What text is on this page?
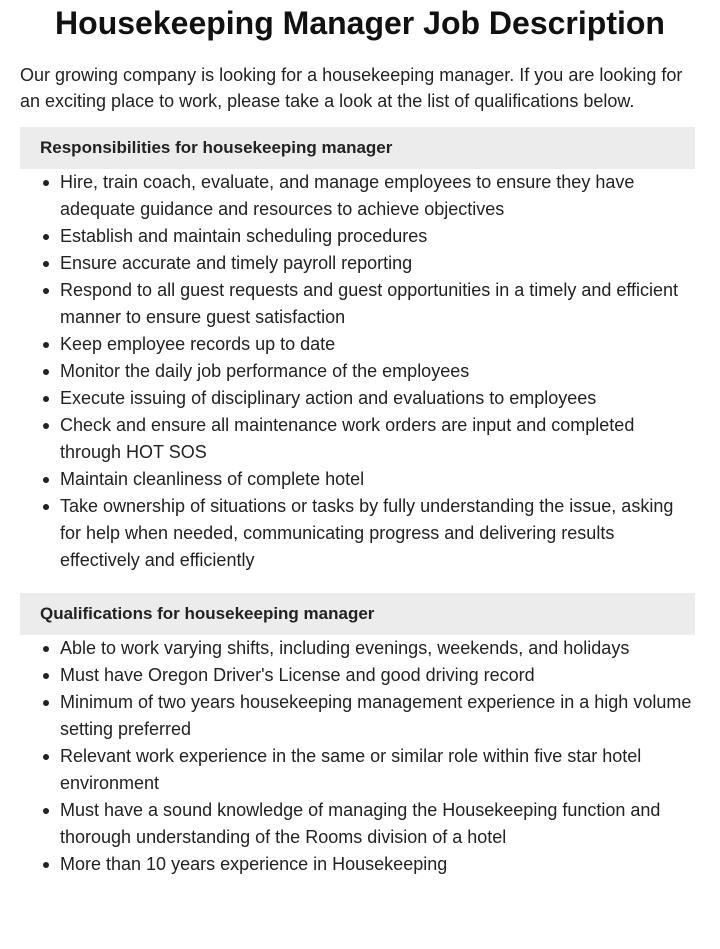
Housekeeping Manager Job Description

Our growing company is looking for a housekeeping manager. If you are looking for an exciting place to work, please take a look at the list of qualifications below.

Responsibilities for housekeeping manager
Hire, train coach, evaluate, and manage employees to ensure they have adequate guidance and resources to achieve objectives
Establish and maintain scheduling procedures
Ensure accurate and timely payroll reporting
Respond to all guest requests and guest opportunities in a timely and efficient manner to ensure guest satisfaction
Keep employee records up to date
Monitor the daily job performance of the employees
Execute issuing of disciplinary action and evaluations to employees
Check and ensure all maintenance work orders are input and completed through HOT SOS
Maintain cleanliness of complete hotel
Take ownership of situations or tasks by fully understanding the issue, asking for help when needed, communicating progress and delivering results effectively and efficiently
Qualifications for housekeeping manager
Able to work varying shifts, including evenings, weekends, and holidays
Must have Oregon Driver's License and good driving record
Minimum of two years housekeeping management experience in a high volume setting preferred
Relevant work experience in the same or similar role within five star hotel environment
Must have a sound knowledge of managing the Housekeeping function and thorough understanding of the Rooms division of a hotel
More than 10 years experience in Housekeeping
